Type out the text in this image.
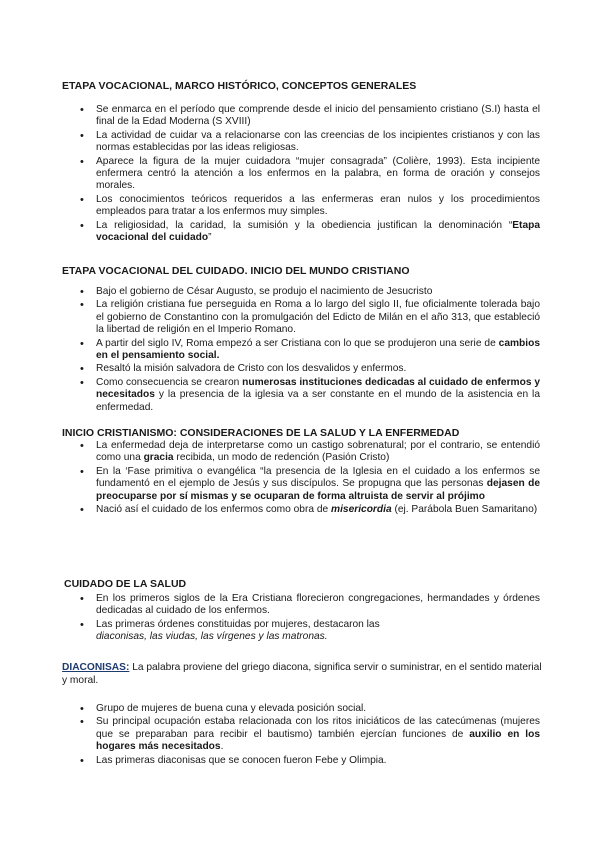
ETAPA VOCACIONAL, MARCO HISTÓRICO, CONCEPTOS GENERALES
• Se enmarca en el período que comprende desde el inicio del pensamiento cristiano (S.I) hasta el final de la Edad Moderna (S XVIII)
• La actividad de cuidar va a relacionarse con las creencias de los incipientes cristianos y con las normas establecidas por las ideas religiosas.
• Aparece la figura de la mujer cuidadora “mujer consagrada” (Colière, 1993). Esta incipiente enfermera centró la atención a los enfermos en la palabra, en forma de oración y consejos morales.
• Los conocimientos teóricos requeridos a las enfermeras eran nulos y los procedimientos empleados para tratar a los enfermos muy simples.
• La religiosidad, la caridad, la sumisión y la obediencia justifican la denominación “Etapa vocacional del cuidado”
ETAPA VOCACIONAL DEL CUIDADO. INICIO DEL MUNDO CRISTIANO
• Bajo el gobierno de César Augusto, se produjo el nacimiento de Jesucristo
• La religión cristiana fue perseguida en Roma a lo largo del siglo II, fue oficialmente tolerada bajo el gobierno de Constantino con la promulgación del Edicto de Milán en el año 313, que estableció la libertad de religión en el Imperio Romano.
• A partir del siglo IV, Roma empezó a ser Cristiana con lo que se produjeron una serie de cambios en el pensamiento social.
• Resaltó la misión salvadora de Cristo con los desvalidos y enfermos.
• Como consecuencia se crearon numerosas instituciones dedicadas al cuidado de enfermos y necesitados y la presencia de la iglesia va a ser constante en el mundo de la asistencia en la enfermedad.
INICIO CRISTIANISMO: CONSIDERACIONES DE LA SALUD Y LA ENFERMEDAD
• La enfermedad deja de interpretarse como un castigo sobrenatural; por el contrario, se entendió como una gracia recibida, un modo de redención (Pasión Cristo)
• En la ‘Fase primitiva o evangélica “la presencia de la Iglesia en el cuidado a los enfermos se fundamentó en el ejemplo de Jesús y sus discípulos. Se propugna que las personas dejasen de preocuparse por sí mismas y se ocuparan de forma altruista de servir al prójimo
• Nació así el cuidado de los enfermos como obra de misericordia (ej. Parábola Buen Samaritano)
CUIDADO DE LA SALUD
• En los primeros siglos de la Era Cristiana florecieron congregaciones, hermandades y órdenes dedicadas al cuidado de los enfermos.
• Las primeras órdenes constituidas por mujeres, destacaron las
diaconisas, las viudas, las vírgenes y las matronas.

DIACONISAS: La palabra proviene del griego diacona, significa servir o suministrar, en el sentido material y moral.

• Grupo de mujeres de buena cuna y elevada posición social.
• Su principal ocupación estaba relacionada con los ritos iniciáticos de las catecúmenas (mujeres que se preparaban para recibir el bautismo) también ejercían funciones de auxilio en los hogares más necesitados.
• Las primeras diaconisas que se conocen fueron Febe y Olimpia.
